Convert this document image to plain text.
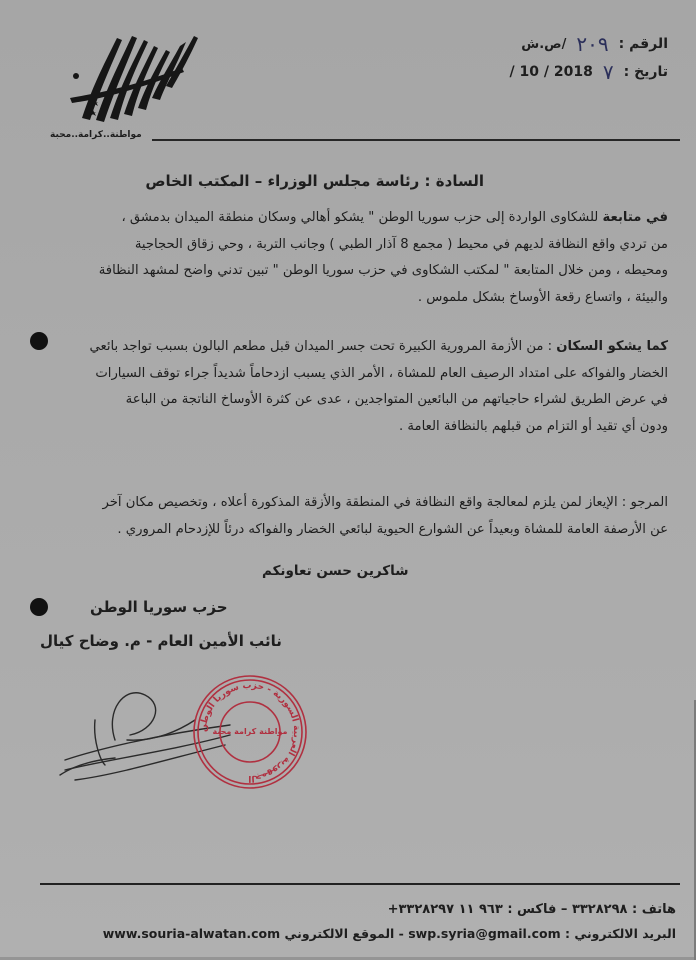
الرقم :
٢٠٩
/ص.ش
تاريخ :
٧
/ 10 / 2018
مواطنة..كرامة..محبة
السادة : رئاسة مجلس الوزراء – المكتب الخاص
في متابعة للشكاوى الواردة إلى حزب سوريا الوطن " يشكو أهالي وسكان منطقة الميدان بدمشق ،
من تردي واقع النظافة لديهم في محيط ( مجمع 8 آذار الطبي ) وجانب التربة ، وحي زقاق الحجاجية
ومحيطه ، ومن خلال المتابعة " لمكتب الشكاوى في حزب سوريا الوطن " تبين تدني واضح لمشهد النظافة
والبيئة ، واتساع رقعة الأوساخ بشكل ملموس .
كما يشكو السكان : من الأزمة المرورية الكبيرة تحت جسر الميدان قبل مطعم البالون بسبب تواجد بائعي
الخضار والفواكه على امتداد الرصيف العام للمشاة ، الأمر الذي يسبب ازدحاماً شديداً جراء توقف السيارات
في عرض الطريق لشراء حاجياتهم من البائعين المتواجدين ، عدى عن كثرة الأوساخ الناتجة من الباعة
ودون أي تقيد أو التزام من قبلهم بالنظافة العامة .
المرجو : الإيعاز لمن يلزم لمعالجة واقع النظافة في المنطقة والأزقة المذكورة أعلاه ، وتخصيص مكان آخر
عن الأرصفة العامة للمشاة وبعيداً عن الشوارع الحيوية لبائعي الخضار والفواكه درئاً للإزدحام المروري .
شاكرين حسن تعاونكم
حزب سوريا الوطن
نائب الأمين العام - م. وضاح كيال
الجمهورية العربية السورية - حزب سوريا الوطن
مواطنة كرامة محبة
هاتف : ٣٣٢٨٢٩٨ – فاكس : +٩٦٣ ١١ ٣٣٢٨٢٩٧
البريد الالكتروني : swp.syria@gmail.com - الموقع الالكتروني www.souria-alwatan.com
